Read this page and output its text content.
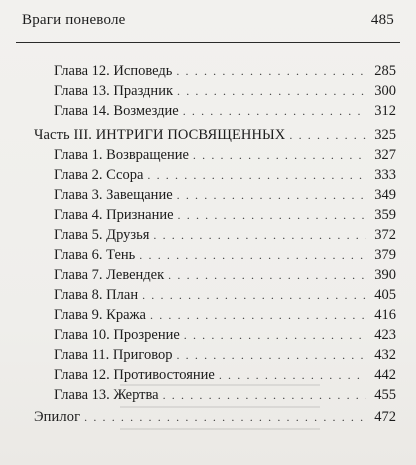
Враги поневоле	485
Глава 12. Исповедь . . .	285
Глава 13. Праздник . . .	300
Глава 14. Возмездие . . .	312
Часть III. ИНТРИГИ ПОСВЯЩЕННЫХ . . .	325
Глава 1. Возвращение . . .	327
Глава 2. Ссора . . .	333
Глава 3. Завещание . . .	349
Глава 4. Признание . . .	359
Глава 5. Друзья . . .	372
Глава 6. Тень . . .	379
Глава 7. Левендек . . .	390
Глава 8. План . . .	405
Глава 9. Кража . . .	416
Глава 10. Прозрение . . .	423
Глава 11. Приговор . . .	432
Глава 12. Противостояние . . .	442
Глава 13. Жертва . . .	455
Эпилог . . .	472
